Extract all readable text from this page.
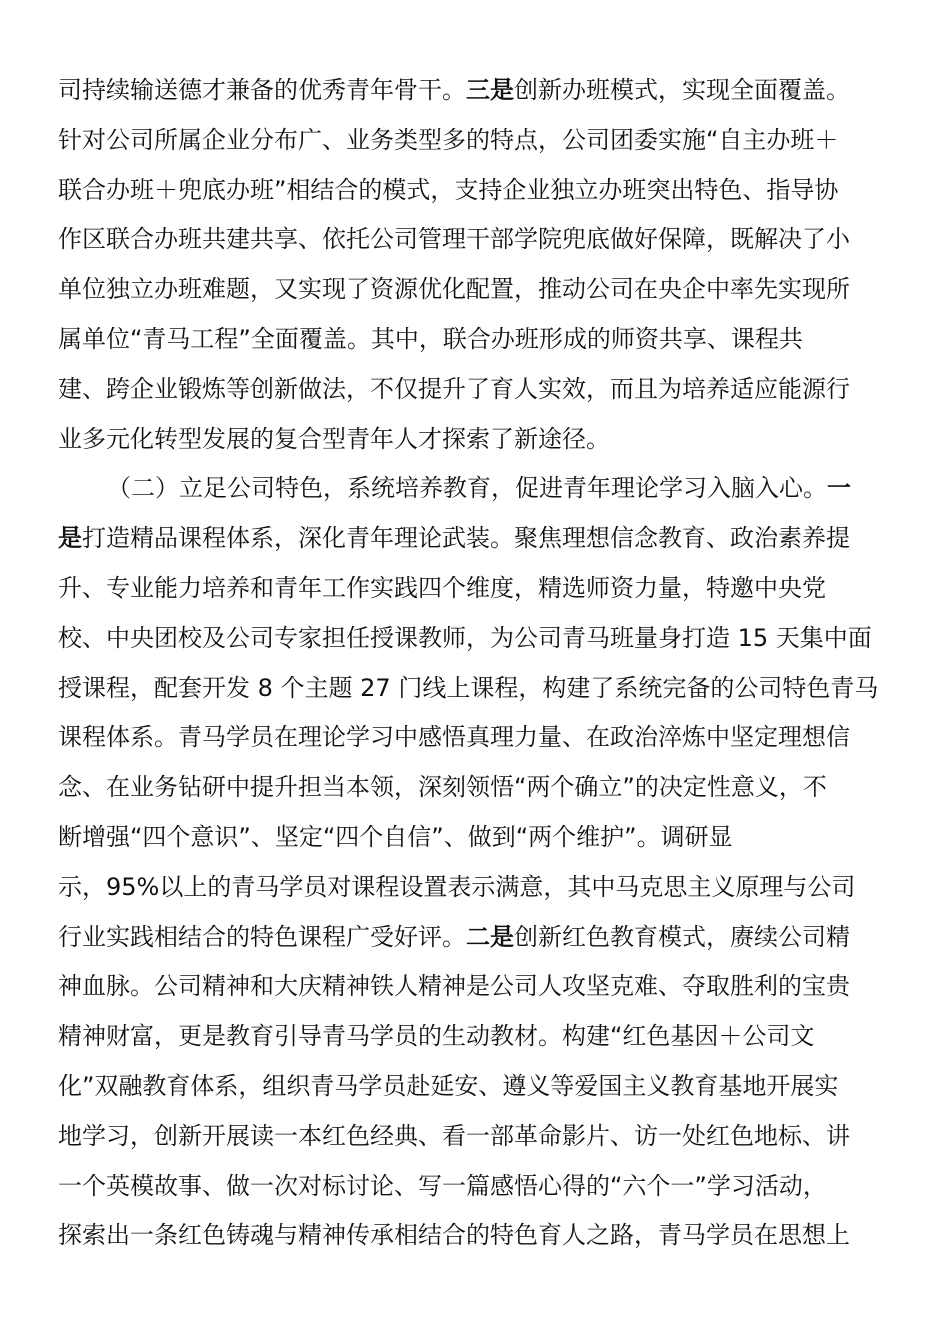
司持续输送德才兼备的优秀青年骨干。三是创新办班模式，实现全面覆盖。
针对公司所属企业分布广、业务类型多的特点，公司团委实施“自主办班＋
联合办班＋兜底办班”相结合的模式，支持企业独立办班突出特色、指导协
作区联合办班共建共享、依托公司管理干部学院兜底做好保障，既解决了小
单位独立办班难题，又实现了资源优化配置，推动公司在央企中率先实现所
属单位“青马工程”全面覆盖。其中，联合办班形成的师资共享、课程共
建、跨企业锻炼等创新做法，不仅提升了育人实效，而且为培养适应能源行
业多元化转型发展的复合型青年人才探索了新途径。
（二）立足公司特色，系统培养教育，促进青年理论学习入脑入心。一
是打造精品课程体系，深化青年理论武装。聚焦理想信念教育、政治素养提
升、专业能力培养和青年工作实践四个维度，精选师资力量，特邀中央党
校、中央团校及公司专家担任授课教师，为公司青马班量身打造 15 天集中面
授课程，配套开发 8 个主题 27 门线上课程，构建了系统完备的公司特色青马
课程体系。青马学员在理论学习中感悟真理力量、在政治淬炼中坚定理想信
念、在业务钻研中提升担当本领，深刻领悟“两个确立”的决定性意义，不
断增强“四个意识”、坚定“四个自信”、做到“两个维护”。调研显
示，95%以上的青马学员对课程设置表示满意，其中马克思主义原理与公司
行业实践相结合的特色课程广受好评。二是创新红色教育模式，赓续公司精
神血脉。公司精神和大庆精神铁人精神是公司人攻坚克难、夺取胜利的宝贵
精神财富，更是教育引导青马学员的生动教材。构建“红色基因＋公司文
化”双融教育体系，组织青马学员赴延安、遵义等爱国主义教育基地开展实
地学习，创新开展读一本红色经典、看一部革命影片、访一处红色地标、讲
一个英模故事、做一次对标讨论、写一篇感悟心得的“六个一”学习活动，
探索出一条红色铸魂与精神传承相结合的特色育人之路，青马学员在思想上
